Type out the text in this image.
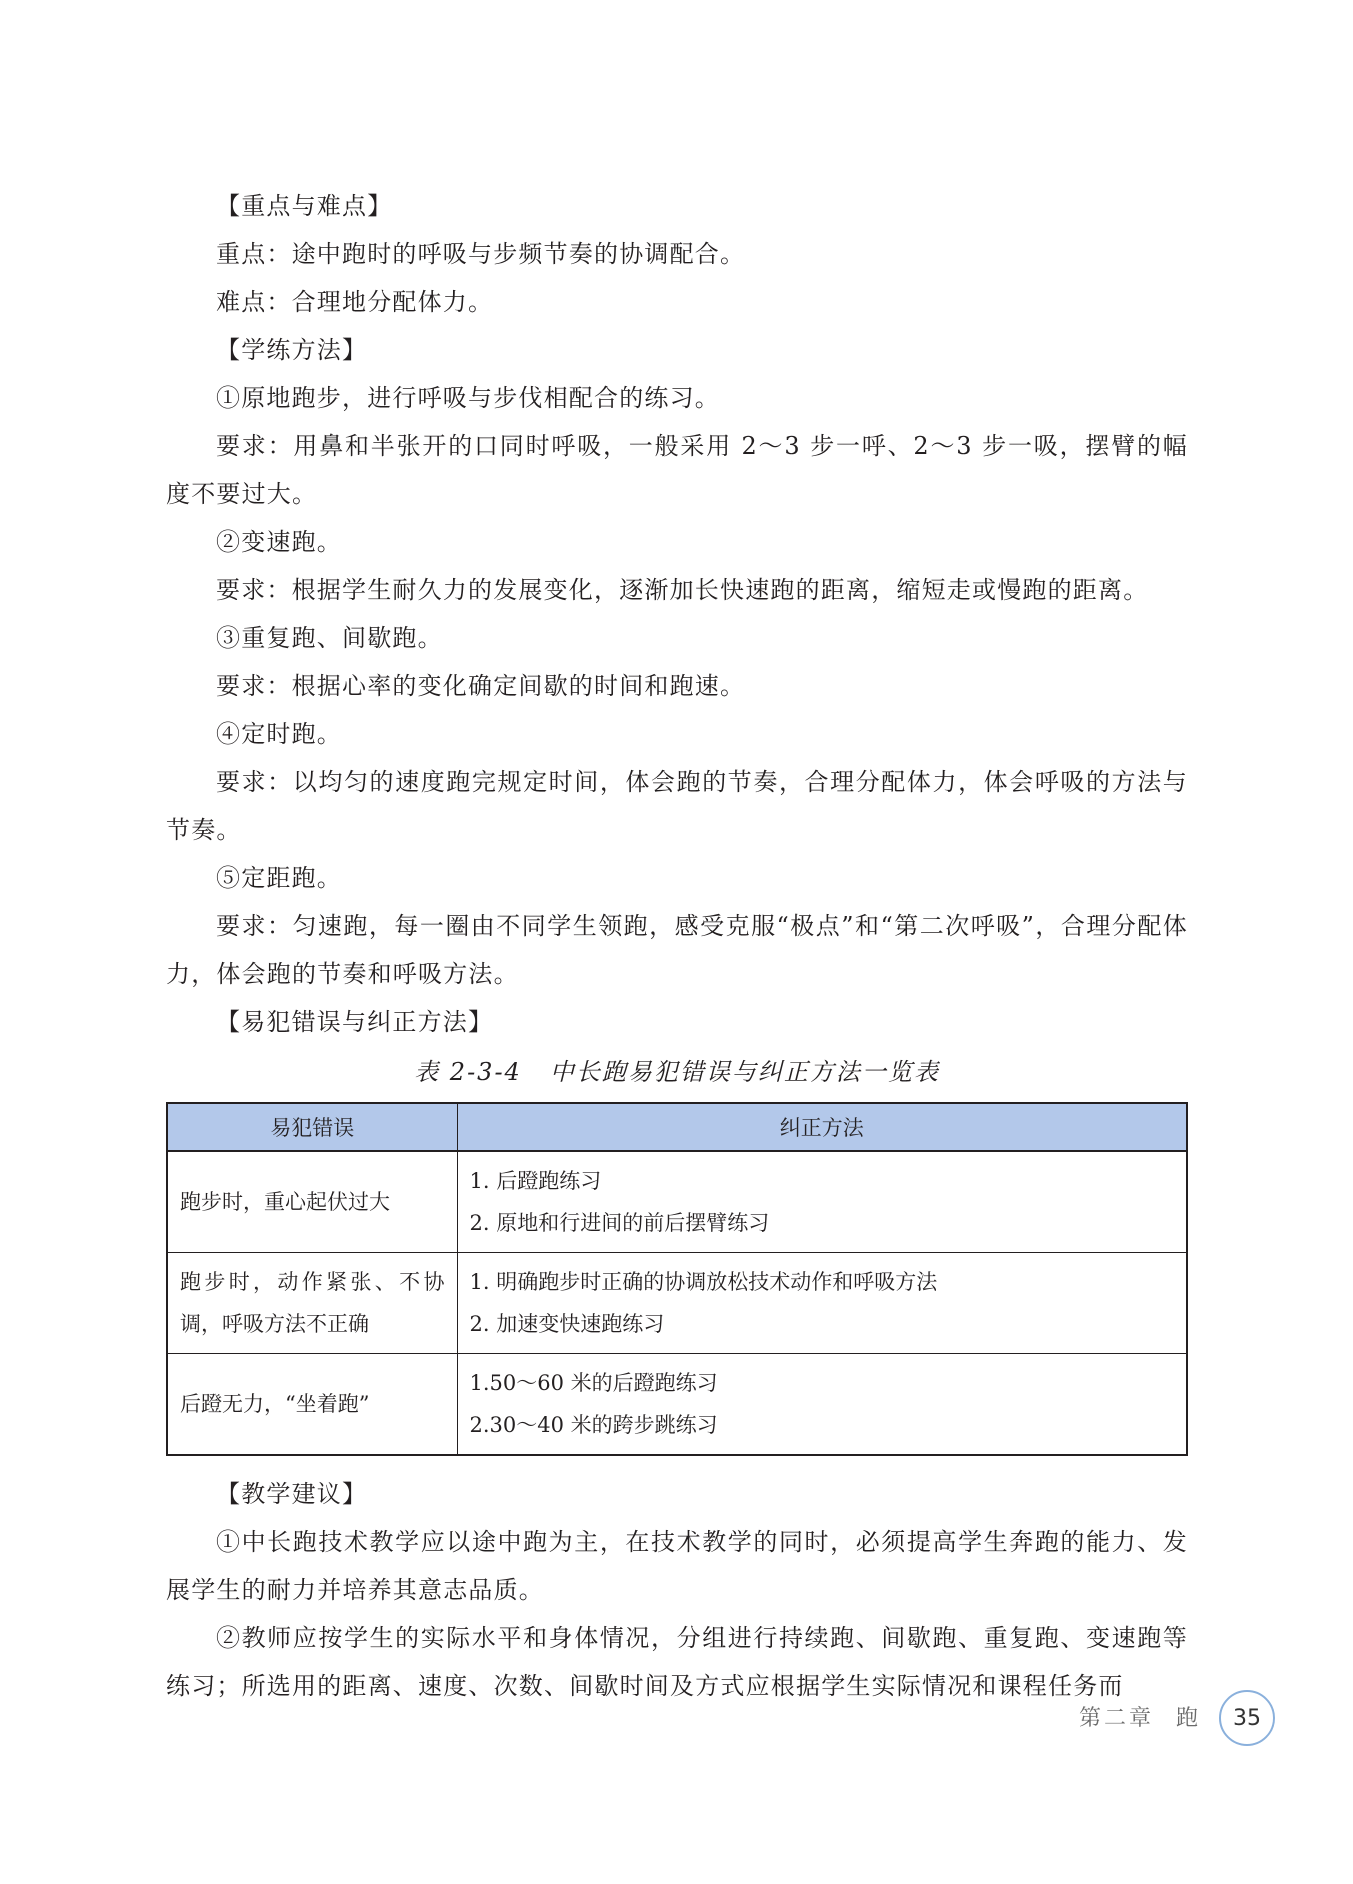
【重点与难点】

重点：途中跑时的呼吸与步频节奏的协调配合。

难点：合理地分配体力。

【学练方法】

①原地跑步，进行呼吸与步伐相配合的练习。

要求：用鼻和半张开的口同时呼吸，一般采用 2～3 步一呼、2～3 步一吸，摆臂的幅度不要过大。

②变速跑。

要求：根据学生耐久力的发展变化，逐渐加长快速跑的距离，缩短走或慢跑的距离。

③重复跑、间歇跑。

要求：根据心率的变化确定间歇的时间和跑速。

④定时跑。

要求：以均匀的速度跑完规定时间，体会跑的节奏，合理分配体力，体会呼吸的方法与节奏。

⑤定距跑。

要求：匀速跑，每一圈由不同学生领跑，感受克服“极点”和“第二次呼吸”，合理分配体力，体会跑的节奏和呼吸方法。

【易犯错误与纠正方法】

表 2-3-4 中长跑易犯错误与纠正方法一览表
易犯错误	纠正方法
跑步时，重心起伏过大	1. 后蹬跑练习
2. 原地和行进间的前后摆臂练习

跑步时，动作紧张、不协调，呼吸方法不正确	1. 明确跑步时正确的协调放松技术动作和呼吸方法
2. 加速变快速跑练习

后蹬无力，“坐着跑”	1.50～60 米的后蹬跑练习
2.30～40 米的跨步跳练习

【教学建议】

①中长跑技术教学应以途中跑为主，在技术教学的同时，必须提高学生奔跑的能力、发展学生的耐力并培养其意志品质。

②教师应按学生的实际水平和身体情况，分组进行持续跑、间歇跑、重复跑、变速跑等练习；所选用的距离、速度、次数、间歇时间及方式应根据学生实际情况和课程任务而

第二章 跑 35
